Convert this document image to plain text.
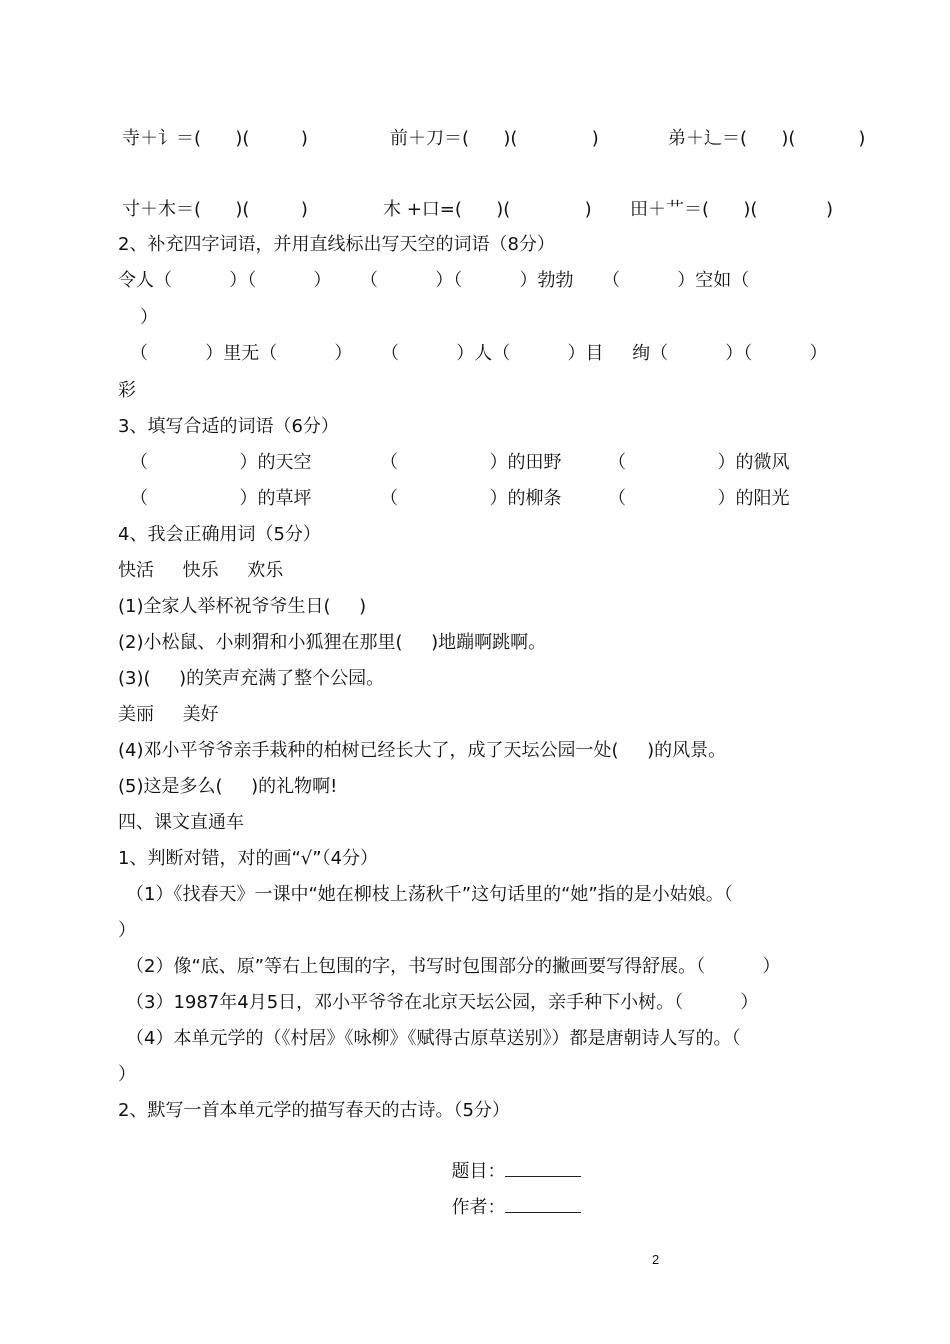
寺＋讠＝(      )(         )	前＋刀＝(      )(             )	弟＋辶＝(      )(           )
寸＋木＝(      )(         )	木 +口=(      )(             ) 田＋艹＝(      )(            )
2、补充四字词语，并用直线标出写天空的词语（8分）
令人（          ）（          ）     （          ）（          ）勃勃     （          ）空如（
）
（          ）里无（          ）     （          ）人（          ）目     绚（          ）（          ）
彩
3、填写合适的词语（6分）
（                ）的天空	（                ）的田野	（                ）的微风
（                ）的草坪	（                ）的柳条	（                ）的阳光
4、我会正确用词（5分）
快活     快乐     欢乐
(1)全家人举杯祝爷爷生日(     )
(2)小松鼠、小刺猬和小狐狸在那里(     )地蹦啊跳啊。
(3)(     )的笑声充满了整个公园。
美丽     美好
(4)邓小平爷爷亲手栽种的柏树已经长大了，成了天坛公园一处(     )的风景。
(5)这是多么(     )的礼物啊!
四、课文直通车
1、判断对错，对的画“√”（4分）
（1）《找春天》一课中“她在柳枝上荡秋千”这句话里的“她”指的是小姑娘。（
）
（2）像“底、原”等右上包围的字，书写时包围部分的撇画要写得舒展。（          ）
（3）1987年4月5日，邓小平爷爷在北京天坛公园，亲手种下小树。（          ）
（4）本单元学的（《村居》《咏柳》《赋得古原草送别》）都是唐朝诗人写的。（
）
2、默写一首本单元学的描写春天的古诗。（5分）

题目：

作者：

2
